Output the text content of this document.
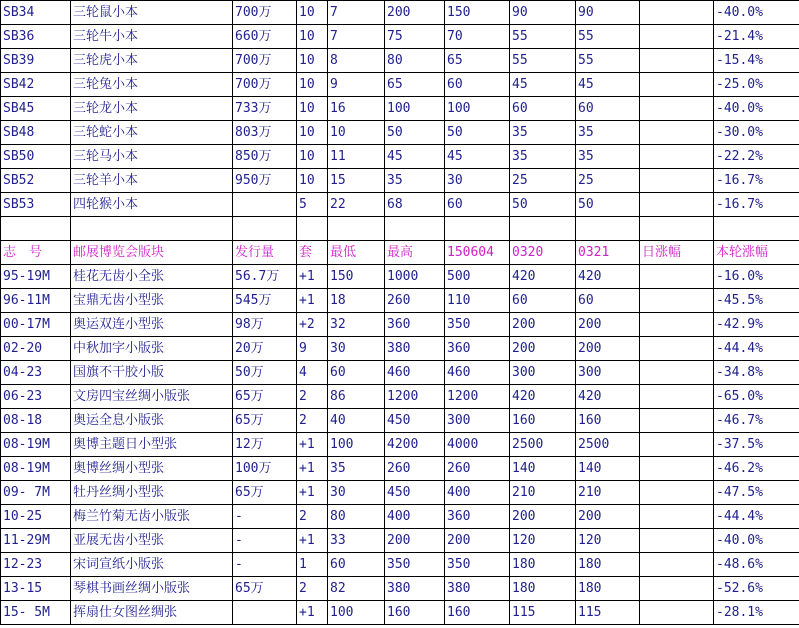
SB34	三轮鼠小本	700万	10	7	200	150	90	90		-40.0%
SB36	三轮牛小本	660万	10	7	75	70	55	55		-21.4%
SB39	三轮虎小本	700万	10	8	80	65	55	55		-15.4%
SB42	三轮兔小本	700万	10	9	65	60	45	45		-25.0%
SB45	三轮龙小本	733万	10	16	100	100	60	60		-40.0%
SB48	三轮蛇小本	803万	10	10	50	50	35	35		-30.0%
SB50	三轮马小本	850万	10	11	45	45	35	35		-22.2%
SB52	三轮羊小本	950万	10	15	35	30	25	25		-16.7%
SB53	四轮猴小本		5	22	68	60	50	50		-16.7%

志　号	邮展博览会版块	发行量	套	最低	最高	150604	0320	0321	日涨幅	本轮涨幅
95-19M	桂花无齿小全张	56.7万	+1	150	1000	500	420	420		-16.0%
96-11M	宝鼎无齿小型张	545万	+1	18	260	110	60	60		-45.5%
00-17M	奥运双连小型张	98万	+2	32	360	350	200	200		-42.9%
02-20	中秋加字小版张	20万	9	30	380	360	200	200		-44.4%
04-23	国旗不干胶小版	50万	4	60	460	460	300	300		-34.8%
06-23	文房四宝丝绸小版张	65万	2	86	1200	1200	420	420		-65.0%
08-18	奥运全息小版张	65万	2	40	450	300	160	160		-46.7%
08-19M	奥博主题日小型张	12万	+1	100	4200	4000	2500	2500		-37.5%
08-19M	奥博丝绸小型张	100万	+1	35	260	260	140	140		-46.2%
09- 7M	牡丹丝绸小型张	65万	+1	30	450	400	210	210		-47.5%
10-25	梅兰竹菊无齿小版张	-	2	80	400	360	200	200		-44.4%
11-29M	亚展无齿小型张	-	+1	33	200	200	120	120		-40.0%
12-23	宋词宣纸小版张	-	1	60	350	350	180	180		-48.6%
13-15	琴棋书画丝绸小版张	65万	2	82	380	380	180	180		-52.6%
15- 5M	挥扇仕女图丝绸张		+1	100	160	160	115	115		-28.1%
